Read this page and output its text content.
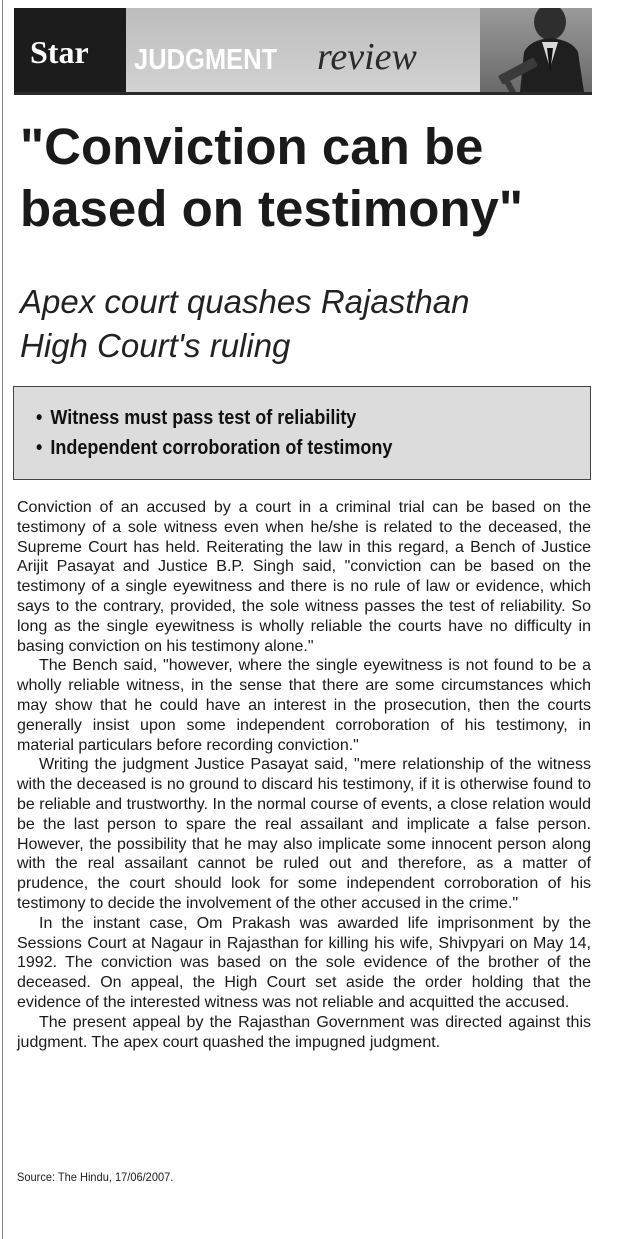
Star JUDGMENT review
"Conviction can be
based on testimony"
Apex court quashes Rajasthan
High Court's ruling
• Witness must pass test of reliability
• Independent corroboration of testimony

Conviction of an accused by a court in a criminal trial can be based on the testimony of a sole witness even when he/she is related to the deceased, the Supreme Court has held. Reiterating the law in this regard, a Bench of Justice Arijit Pasayat and Justice B.P. Singh said, "conviction can be based on the testimony of a single eyewitness and there is no rule of law or evidence, which says to the contrary, provided, the sole witness passes the test of reliability. So long as the single eyewitness is wholly reliable the courts have no difficulty in basing conviction on his testimony alone."

The Bench said, "however, where the single eyewitness is not found to be a wholly reliable witness, in the sense that there are some circumstances which may show that he could have an interest in the prosecution, then the courts generally insist upon some independent corroboration of his testimony, in material particulars before recording conviction."

Writing the judgment Justice Pasayat said, "mere relationship of the witness with the deceased is no ground to discard his testimony, if it is otherwise found to be reliable and trustworthy. In the normal course of events, a close relation would be the last person to spare the real assailant and implicate a false person. However, the possibility that he may also implicate some innocent person along with the real assailant cannot be ruled out and therefore, as a matter of prudence, the court should look for some independent corroboration of his testimony to decide the involvement of the other accused in the crime."

In the instant case, Om Prakash was awarded life imprisonment by the Sessions Court at Nagaur in Rajasthan for killing his wife, Shivpyari on May 14, 1992. The conviction was based on the sole evidence of the brother of the deceased. On appeal, the High Court set aside the order holding that the evidence of the interested witness was not reliable and acquitted the accused.

The present appeal by the Rajasthan Government was directed against this judgment. The apex court quashed the impugned judgment.

Source: The Hindu, 17/06/2007.
